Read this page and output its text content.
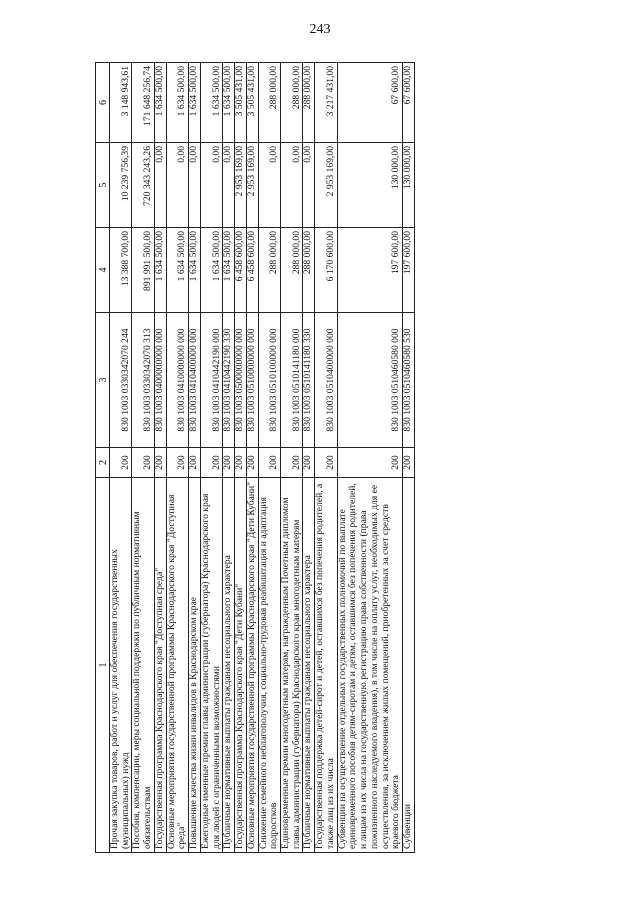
243
1	2	3	4	5	6
Прочая закупка товаров, работ и услуг для обеспечения государственных (муниципальных) нужд	200	830 1003 0330342070 244	13 388 700,00	10 239 756,39	3 148 943,61
Пособия, компенсации, меры социальной поддержки по публичным нормативным обязательствам	200	830 1003 0330342070 313	891 991 500,00	720 343 243,26	171 648 256,74
Государственная программа Краснодарского края "Доступная среда"	200	830 1003 0400000000 000	1 634 500,00	0,00	1 634 500,00
Основные мероприятия государственной программы Краснодарского края "Доступная среда"	200	830 1003 0410000000 000	1 634 500,00	0,00	1 634 500,00
Повышение качества жизни инвалидов в Краснодарском крае	200	830 1003 0410400000 000	1 634 500,00	0,00	1 634 500,00
Ежегодные именные премии главы администрации (губернатора) Краснодарского края для людей с ограниченными возможностями	200	830 1003 0410442190 000	1 634 500,00	0,00	1 634 500,00
Публичные нормативные выплаты гражданам несоциального характера	200	830 1003 0410442190 330	1 634 500,00	0,00	1 634 500,00
Государственная программа Краснодарского края "Дети Кубани"	200	830 1003 0500000000 000	6 458 600,00	2 953 169,00	3 505 431,00
Основные мероприятия государственной программы Краснодарского края "Дети Кубани"	200	830 1003 0510000000 000	6 458 600,00	2 953 169,00	3 505 431,00
Снижение семейного неблагополучия, социально-трудовая реабилитация и адаптация подростков	200	830 1003 0510100000 000	288 000,00	0,00	288 000,00
Единовременные премии многодетным матерям, награжденным Почетным дипломом главы администрации (губернатора) Краснодарского края многодетным матерям	200	830 1003 0510141180 000	288 000,00	0,00	288 000,00
Публичные нормативные выплаты гражданам несоциального характера	200	830 1003 0510141180 330	288 000,00	0,00	288 000,00
Государственная поддержка детей-сирот и детей, оставшихся без попечения родителей, а также лиц из их числа	200	830 1003 0510400000 000	6 170 600,00	2 953 169,00	3 217 431,00
Субвенции на осуществление отдельных государственных полномочий по выплате единовременного пособия детям-сиротам и детям, оставшимся без попечения родителей, и лицам из их числа на государственную регистрацию права собственности (права пожизненного наследуемого владения), в том числе на оплату услуг, необходимых для ее осуществления, за исключением жилых помещений, приобретенных за счет средств краевого бюджета	200	830 1003 0510460580 000	197 600,00	130 000,00	67 600,00
Субвенции	200	830 1003 0510460580 530	197 600,00	130 000,00	67 600,00
